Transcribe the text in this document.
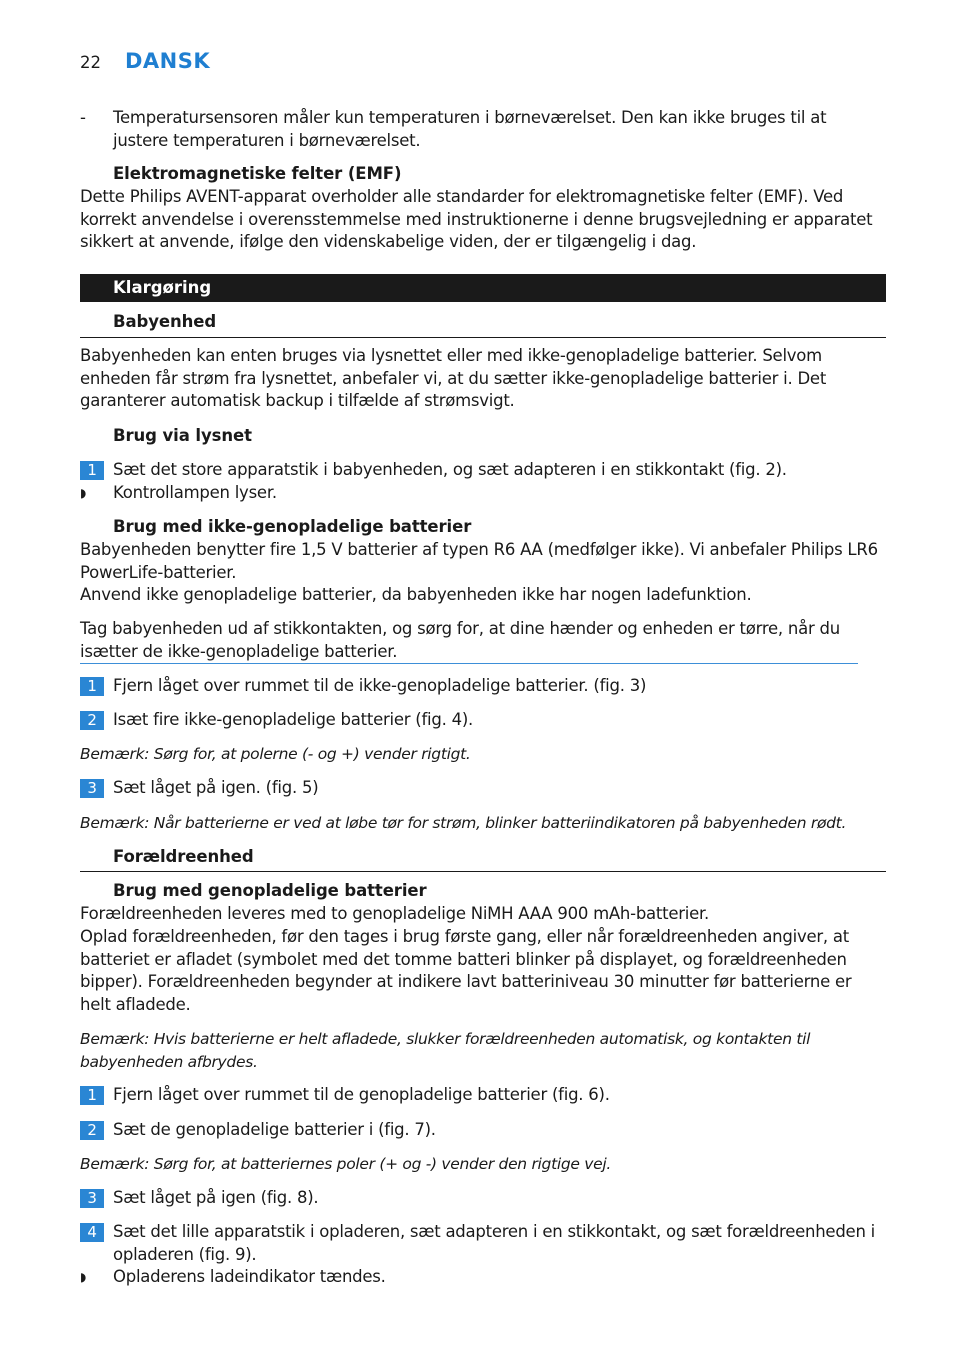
22 DANSK
-	Temperatursensoren måler kun temperaturen i børneværelset. Den kan ikke bruges til at justere temperaturen i børneværelset.
Elektromagnetiske felter (EMF)
Dette Philips AVENT-apparat overholder alle standarder for elektromagnetiske felter (EMF). Ved korrekt anvendelse i overensstemmelse med instruktionerne i denne brugsvejledning er apparatet sikkert at anvende, ifølge den videnskabelige viden, der er tilgængelig i dag.
Klargøring
Babyenhed
Babyenheden kan enten bruges via lysnettet eller med ikke-genopladelige batterier. Selvom enheden får strøm fra lysnettet, anbefaler vi, at du sætter ikke-genopladelige batterier i. Det garanterer automatisk backup i tilfælde af strømsvigt.
Brug via lysnet
1 Sæt det store apparatstik i babyenheden, og sæt adapteren i en stikkontakt (fig. 2).
◗	Kontrollampen lyser.
Brug med ikke-genopladelige batterier
Babyenheden benytter fire 1,5 V batterier af typen R6 AA (medfølger ikke). Vi anbefaler Philips LR6 PowerLife-batterier.
Anvend ikke genopladelige batterier, da babyenheden ikke har nogen ladefunktion.
Tag babyenheden ud af stikkontakten, og sørg for, at dine hænder og enheden er tørre, når du isætter de ikke-genopladelige batterier.
1 Fjern låget over rummet til de ikke-genopladelige batterier. (fig. 3)
2 Isæt fire ikke-genopladelige batterier (fig. 4).
Bemærk: Sørg for, at polerne (- og +) vender rigtigt.
3 Sæt låget på igen. (fig. 5)
Bemærk: Når batterierne er ved at løbe tør for strøm, blinker batteriindikatoren på babyenheden rødt.
Forældreenhed
Brug med genopladelige batterier
Forældreenheden leveres med to genopladelige NiMH AAA 900 mAh-batterier.
Oplad forældreenheden, før den tages i brug første gang, eller når forældreenheden angiver, at batteriet er afladet (symbolet med det tomme batteri blinker på displayet, og forældreenheden bipper). Forældreenheden begynder at indikere lavt batteriniveau 30 minutter før batterierne er helt afladede.
Bemærk: Hvis batterierne er helt afladede, slukker forældreenheden automatisk, og kontakten til babyenheden afbrydes.
1 Fjern låget over rummet til de genopladelige batterier (fig. 6).
2 Sæt de genopladelige batterier i (fig. 7).
Bemærk: Sørg for, at batteriernes poler (+ og -) vender den rigtige vej.
3 Sæt låget på igen (fig. 8).
4 Sæt det lille apparatstik i opladeren, sæt adapteren i en stikkontakt, og sæt forældreenheden i opladeren (fig. 9).
◗	Opladerens ladeindikator tændes.
